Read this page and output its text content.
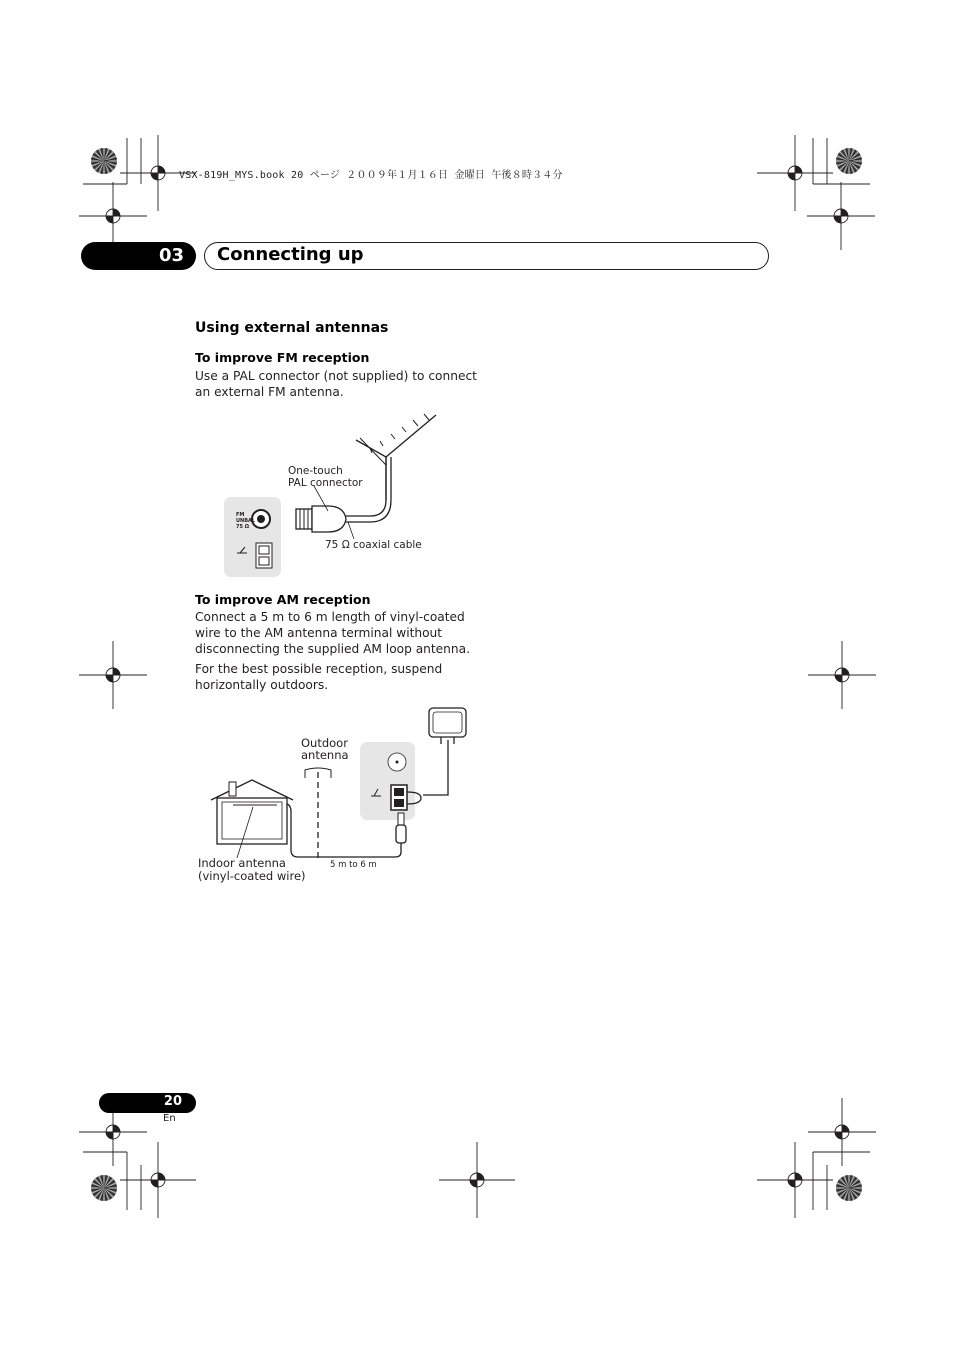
VSX-819H_MYS.book 20 ページ ２００９年１月１６日 金曜日 午後８時３４分
03 Connecting up
Using external antennas
To improve FM reception
Use a PAL connector (not supplied) to connect an external FM antenna.
FM
UNBAL
75 Ω
One-touch
PAL connector
75 Ω coaxial cable
To improve AM reception
Connect a 5 m to 6 m length of vinyl-coated wire to the AM antenna terminal without disconnecting the supplied AM loop antenna.
For the best possible reception, suspend horizontally outdoors.
Outdoor
antenna
Indoor antenna
(vinyl-coated wire)
5 m to 6 m
20
En
